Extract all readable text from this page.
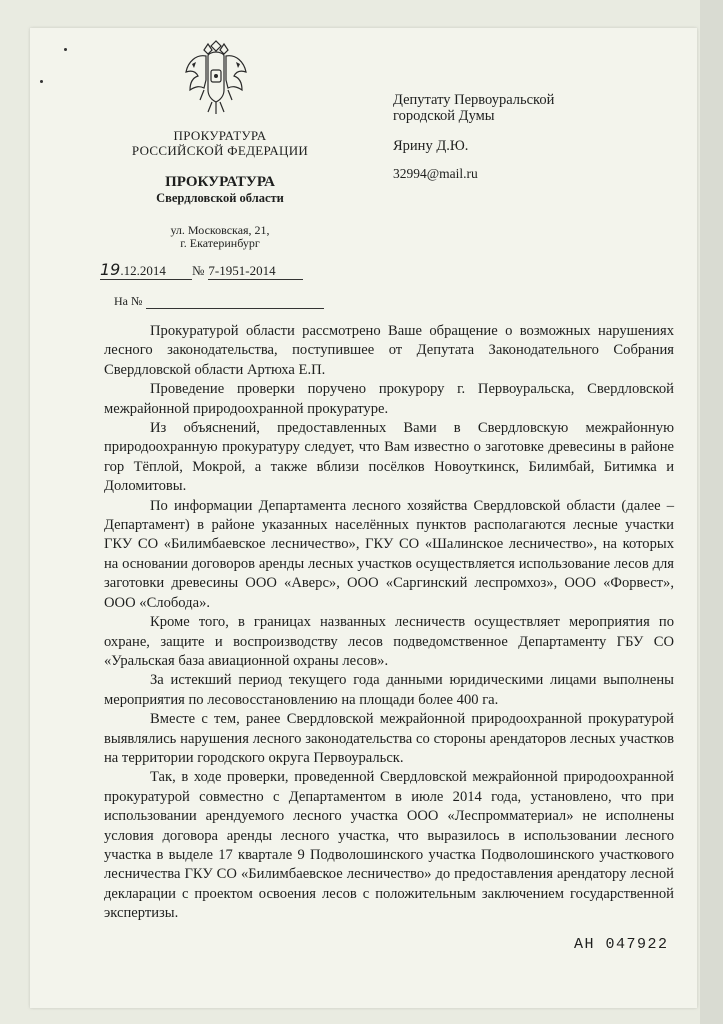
ПРОКУРАТУРА
РОССИЙСКОЙ ФЕДЕРАЦИИ
ПРОКУРАТУРА
Свердловской области
ул. Московская, 21,
г. Екатеринбург
19.12.2014 № 7-1951-2014
На №
Депутату Первоуральской
городской Думы
Ярину Д.Ю.
32994@mail.ru

Прокуратурой области рассмотрено Ваше обращение о возможных нарушениях лесного законодательства, поступившее от Депутата Законодательного Собрания Свердловской области Артюха Е.П.

Проведение проверки поручено прокурору г. Первоуральска, Свердловской межрайонной природоохранной прокуратуре.

Из объяснений, предоставленных Вами в Свердловскую межрайонную природоохранную прокуратуру следует, что Вам известно о заготовке древесины в районе гор Тёплой, Мокрой, а также вблизи посёлков Новоуткинск, Билимбай, Битимка и Доломитовы.

По информации Департамента лесного хозяйства Свердловской области (далее – Департамент) в районе указанных населённых пунктов располагаются лесные участки ГКУ СО «Билимбаевское лесничество», ГКУ СО «Шалинское лесничество», на которых на основании договоров аренды лесных участков осуществляется использование лесов для заготовки древесины ООО «Аверс», ООО «Саргинский леспромхоз», ООО «Форвест», ООО «Слобода».

Кроме того, в границах названных лесничеств осуществляет мероприятия по охране, защите и воспроизводству лесов подведомственное Департаменту ГБУ СО «Уральская база авиационной охраны лесов».

За истекший период текущего года данными юридическими лицами выполнены мероприятия по лесовосстановлению на площади более 400 га.

Вместе с тем, ранее Свердловской межрайонной природоохранной прокуратурой выявлялись нарушения лесного законодательства со стороны арендаторов лесных участков на территории городского округа Первоуральск.

Так, в ходе проверки, проведенной Свердловской межрайонной природоохранной прокуратурой совместно с Департаментом в июле 2014 года, установлено, что при использовании арендуемого лесного участка ООО «Леспромматериал» не исполнены условия договора аренды лесного участка, что выразилось в использовании лесного участка в выделе 17 квартале 9 Подволошинского участка Подволошинского участкового лесничества ГКУ СО «Билимбаевское лесничество» до предоставления арендатору лесной декларации с проектом освоения лесов с положительным заключением государственной экспертизы.

АН 047922
